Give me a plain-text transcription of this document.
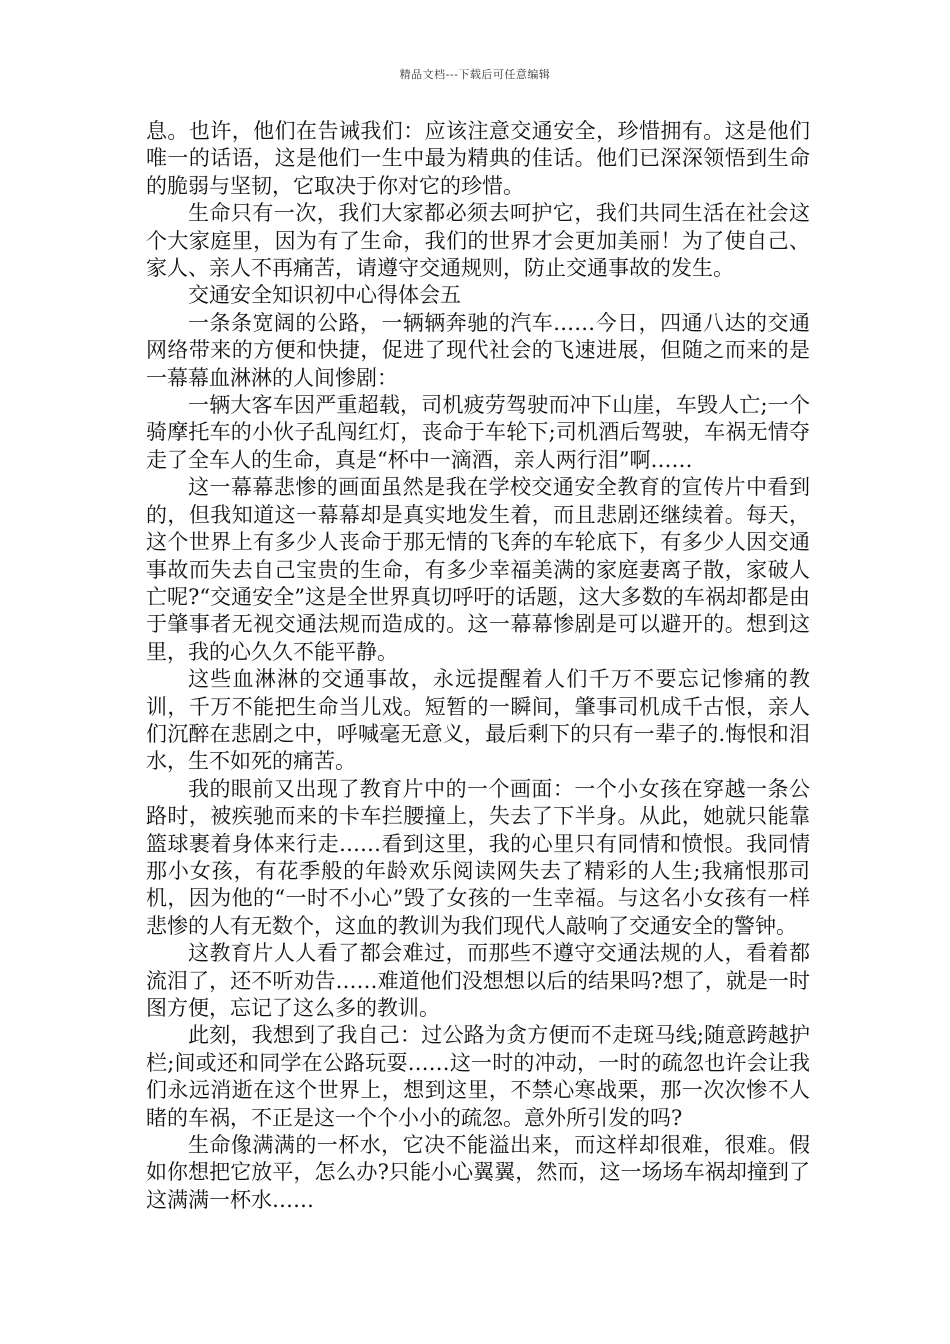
精品文档---下载后可任意编辑

息。也许，他们在告诫我们：应该注意交通安全，珍惜拥有。这是他们唯一的话语，这是他们一生中最为精典的佳话。他们已深深领悟到生命的脆弱与坚韧，它取决于你对它的珍惜。

生命只有一次，我们大家都必须去呵护它，我们共同生活在社会这个大家庭里，因为有了生命，我们的世界才会更加美丽！为了使自己、家人、亲人不再痛苦，请遵守交通规则，防止交通事故的发生。

交通安全知识初中心得体会五

一条条宽阔的公路，一辆辆奔驰的汽车……今日，四通八达的交通网络带来的方便和快捷，促进了现代社会的飞速进展，但随之而来的是一幕幕血淋淋的人间惨剧：

一辆大客车因严重超载，司机疲劳驾驶而冲下山崖，车毁人亡;一个骑摩托车的小伙子乱闯红灯，丧命于车轮下;司机酒后驾驶，车祸无情夺走了全车人的生命，真是“杯中一滴酒，亲人两行泪”啊……

这一幕幕悲惨的画面虽然是我在学校交通安全教育的宣传片中看到的，但我知道这一幕幕却是真实地发生着，而且悲剧还继续着。每天，这个世界上有多少人丧命于那无情的飞奔的车轮底下，有多少人因交通事故而失去自己宝贵的生命，有多少幸福美满的家庭妻离子散，家破人亡呢?“交通安全”这是全世界真切呼吁的话题，这大多数的车祸却都是由于肇事者无视交通法规而造成的。这一幕幕惨剧是可以避开的。想到这里，我的心久久不能平静。

这些血淋淋的交通事故，永远提醒着人们千万不要忘记惨痛的教训，千万不能把生命当儿戏。短暂的一瞬间，肇事司机成千古恨，亲人们沉醉在悲剧之中，呼喊毫无意义，最后剩下的只有一辈子的.悔恨和泪水，生不如死的痛苦。

我的眼前又出现了教育片中的一个画面：一个小女孩在穿越一条公路时，被疾驰而来的卡车拦腰撞上，失去了下半身。从此，她就只能靠篮球裹着身体来行走……看到这里，我的心里只有同情和愤恨。我同情那小女孩，有花季般的年龄欢乐阅读网失去了精彩的人生;我痛恨那司机，因为他的“一时不小心”毁了女孩的一生幸福。与这名小女孩有一样悲惨的人有无数个，这血的教训为我们现代人敲响了交通安全的警钟。

这教育片人人看了都会难过，而那些不遵守交通法规的人，看着都流泪了，还不听劝告……难道他们没想想以后的结果吗?想了，就是一时图方便，忘记了这么多的教训。

此刻，我想到了我自己：过公路为贪方便而不走斑马线;随意跨越护栏;间或还和同学在公路玩耍……这一时的冲动，一时的疏忽也许会让我们永远消逝在这个世界上，想到这里，不禁心寒战栗，那一次次惨不人睹的车祸，不正是这一个个小小的疏忽。意外所引发的吗?

生命像满满的一杯水，它决不能溢出来，而这样却很难，很难。假如你想把它放平，怎么办?只能小心翼翼，然而，这一场场车祸却撞到了这满满一杯水……
